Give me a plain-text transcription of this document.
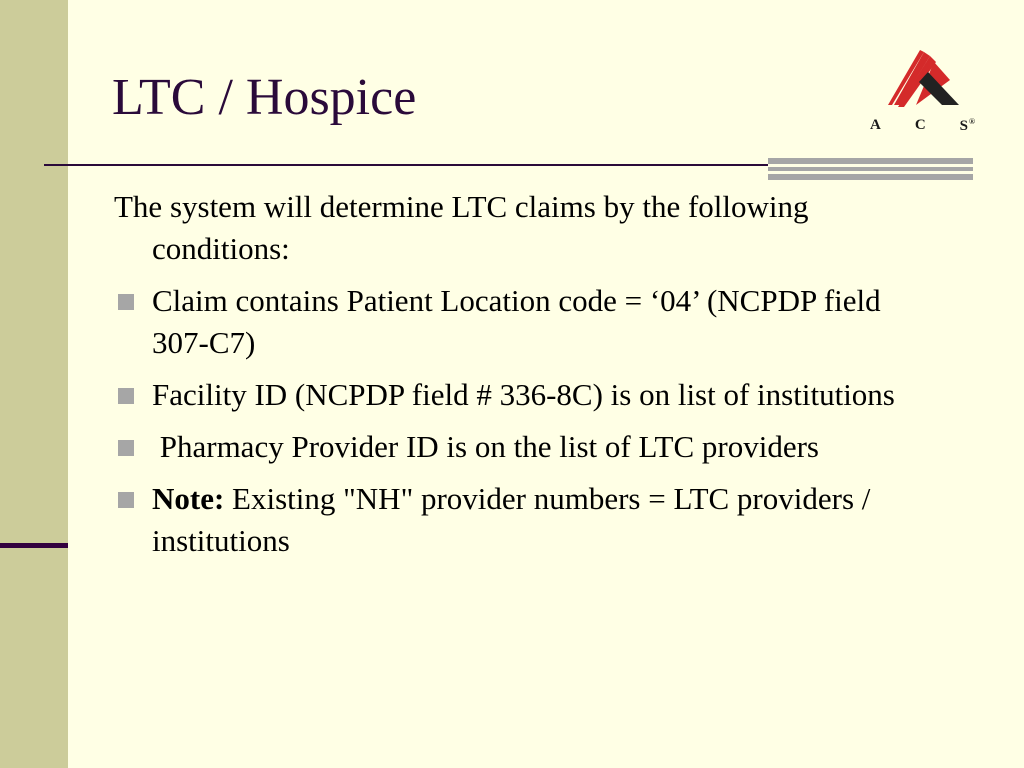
LTC / Hospice	A C S®

The system will determine LTC claims by the following conditions:

Claim contains Patient Location code = ‘04’ (NCPDP field 307-C7)
Facility ID (NCPDP field # 336-8C) is on list of institutions
Pharmacy Provider ID is on the list of LTC providers
Note: Existing "NH" provider numbers = LTC providers / institutions
